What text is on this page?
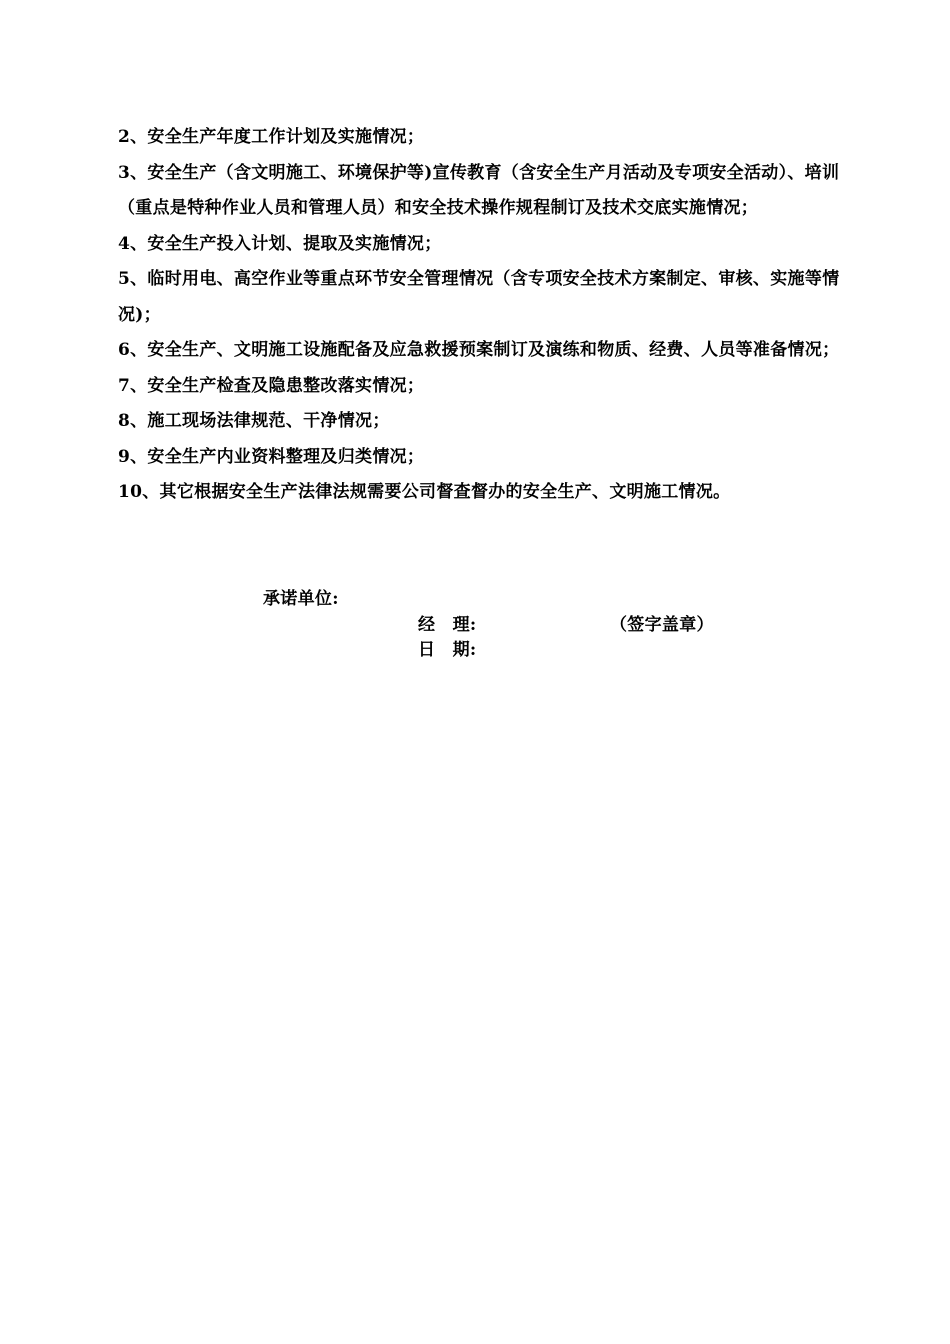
2、安全生产年度工作计划及实施情况；

3、安全生产（含文明施工、环境保护等)宣传教育（含安全生产月活动及专项安全活动）、培训（重点是特种作业人员和管理人员）和安全技术操作规程制订及技术交底实施情况；

4、安全生产投入计划、提取及实施情况；

5、临时用电、高空作业等重点环节安全管理情况（含专项安全技术方案制定、审核、实施等情况)；

6、安全生产、文明施工设施配备及应急救援预案制订及演练和物质、经费、人员等准备情况；

7、安全生产检查及隐患整改落实情况；

8、施工现场法律规范、干净情况；

9、安全生产内业资料整理及归类情况；

10、其它根据安全生产法律法规需要公司督查督办的安全生产、文明施工情况。

承诺单位:
经　理:	（签字盖章）
日　期:
